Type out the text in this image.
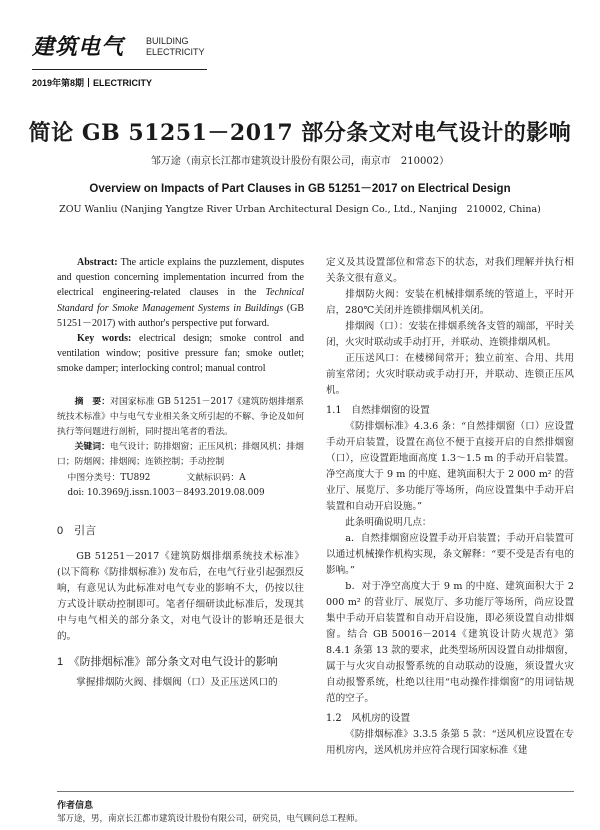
建筑电气 BUILDING
ELECTRICITY
2019年第8期 ELECTRICITY
简论 GB 51251－2017 部分条文对电气设计的影响
邹万途（南京长江都市建筑设计股份有限公司，南京市　210002）
Overview on Impacts of Part Clauses in GB 51251－2017 on Electrical Design
ZOU Wanliu (Nanjing Yangtze River Urban Architectural Design Co., Ltd., Nanjing　210002, China)

Abstract: The article explains the puzzlement, disputes and question concerning implementation incurred from the electrical engineering-related clauses in the Technical Standard for Smoke Management Systems in Buildings (GB 51251－2017) with author's perspective put forward.

Key words: electrical design; smoke control and ventilation window; positive pressure fan; smoke outlet; smoke damper; interlocking control; manual control

摘　要：对国家标准 GB 51251－2017《建筑防烟排烟系统技术标准》中与电气专业相关条文所引起的不解、争论及如何执行等问题进行剖析，同时提出笔者的看法。

关键词：电气设计；防排烟窗；正压风机；排烟风机；排烟口；防烟阀；排烟阀；连锁控制；手动控制

中图分类号：TU892	文献标识码：A

doi: 10.3969/j.issn.1003－8493.2019.08.009

0　引言

GB 51251－2017《建筑防烟排烟系统技术标准》(以下简称《防排烟标准》) 发布后，在电气行业引起强烈反响，有意见认为此标准对电气专业的影响不大，仍按以往方式设计联动控制即可。笔者仔细研读此标准后，发现其中与电气相关的部分条文，对电气设计的影响还是很大的。

1　《防排烟标准》部分条文对电气设计的影响

掌握排烟防火阀、排烟阀（口）及正压送风口的

定义及其设置部位和常态下的状态，对我们理解并执行相关条文很有意义。

排烟防火阀：安装在机械排烟系统的管道上，平时开启，280℃关闭并连锁排烟风机关闭。

排烟阀（口）：安装在排烟系统各支管的端部，平时关闭，火灾时联动或手动打开，并联动、连锁排烟风机。

正压送风口：在楼梯间常开；独立前室、合用、共用前室常闭；火灾时联动或手动打开，并联动、连锁正压风机。

1.1　自然排烟窗的设置

《防排烟标准》4.3.6 条：“自然排烟窗（口）应设置手动开启装置，设置在高位不便于直接开启的自然排烟窗（口），应设置距地面高度 1.3～1.5 m 的手动开启装置。净空高度大于 9 m 的中庭、建筑面积大于 2 000 m² 的营业厅、展览厅、多功能厅等场所，尚应设置集中手动开启装置和自动开启设施。”

此条明确说明几点：

a．自然排烟窗应设置手动开启装置；手动开启装置可以通过机械操作机构实现，条文解释：“要不受是否有电的影响。”

b．对于净空高度大于 9 m 的中庭、建筑面积大于 2 000 m² 的营业厅、展览厅、多功能厅等场所，尚应设置集中手动开启装置和自动开启设施，即必须设置自动排烟窗。结合 GB 50016－2014《建筑设计防火规范》第 8.4.1 条第 13 款的要求，此类型场所因设置自动排烟窗，属于与火灾自动报警系统的自动联动的设施，须设置火灾自动报警系统，杜绝以往用“电动操作排烟窗”的用词钻规范的空子。

1.2　风机房的设置

《防排烟标准》3.3.5 条第 5 款：“送风机应设置在专用机房内，送风机房并应符合现行国家标准《建

作者信息
邹万途，男，南京长江都市建筑设计股份有限公司，研究员，电气顾问总工程师。
